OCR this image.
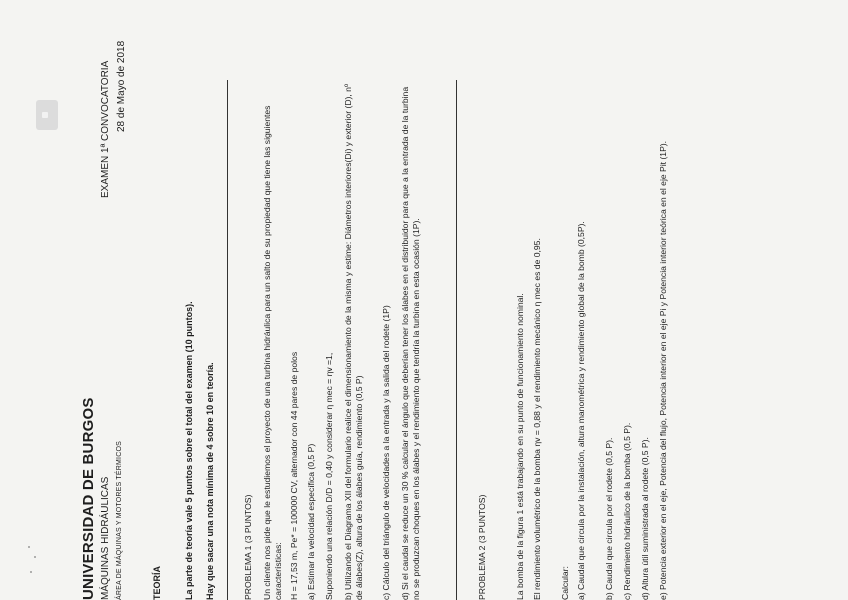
UNIVERSIDAD DE BURGOS MÁQUINAS HIDRÁULICAS ÁREA DE MÁQUINAS Y MOTORES TÉRMICOS
EXAMEN 1ª CONVOCATORIA 28 de Mayo de 2018
TEORÍA La parte de teoría vale 5 puntos sobre el total del examen (10 puntos). Hay que sacar una nota mínima de 4 sobre 10 en teoría.	PROBLEMA 1 (3 PUNTOS) Un cliente nos pide que le estudiemos el proyecto de una turbina hidráulica para un salto de su propiedad que tiene las siguientes características: H = 17,53 m, Pe* = 100000 CV, alternador con 44 pares de polos a) Estimar la velocidad específica (0,5 P) Suponiendo una relación D/D = 0,40 y considerar η mec = ηv =1, b) Utilizando el Diagrama XII del formulario realice el dimensionamiento de la misma y estime: Diámetros interiores(Di) y exterior (D), nº de álabes(Z), altura de los álabes guía, rendimiento (0,5 P) c) Cálculo del triángulo de velocidades a la entrada y la salida del rodete (1P) d) Si el caudal se reduce un 30 % calcular el ángulo que deberían tener los álabes en el distribuidor para que a la entrada de la turbina no se produzcan choques en los álabes y el rendimiento que tendría la turbina en esta ocasión (1P).	PROBLEMA 2 (3 PUNTOS)	La bomba de la figura 1 está trabajando en su punto de funcionamiento nominal. El rendimiento volumétrico de la bomba ηv = 0,88 y el rendimiento mecánico η mec es de 0,95. Calcular: a) Caudal que circula por la instalación, altura manométrica y rendimiento global de la bomb (0,5P). b) Caudal que circula por el rodete (0,5 P). c) Rendimiento hidráulico de la bomba (0,5 P). d) Altura útil suministrada al rodete (0,5 P). e) Potencia exterior en el eje, Potencia del flujo, Potencia interior en el eje Pi y Potencia interior teórica en el eje Pit (1P).
